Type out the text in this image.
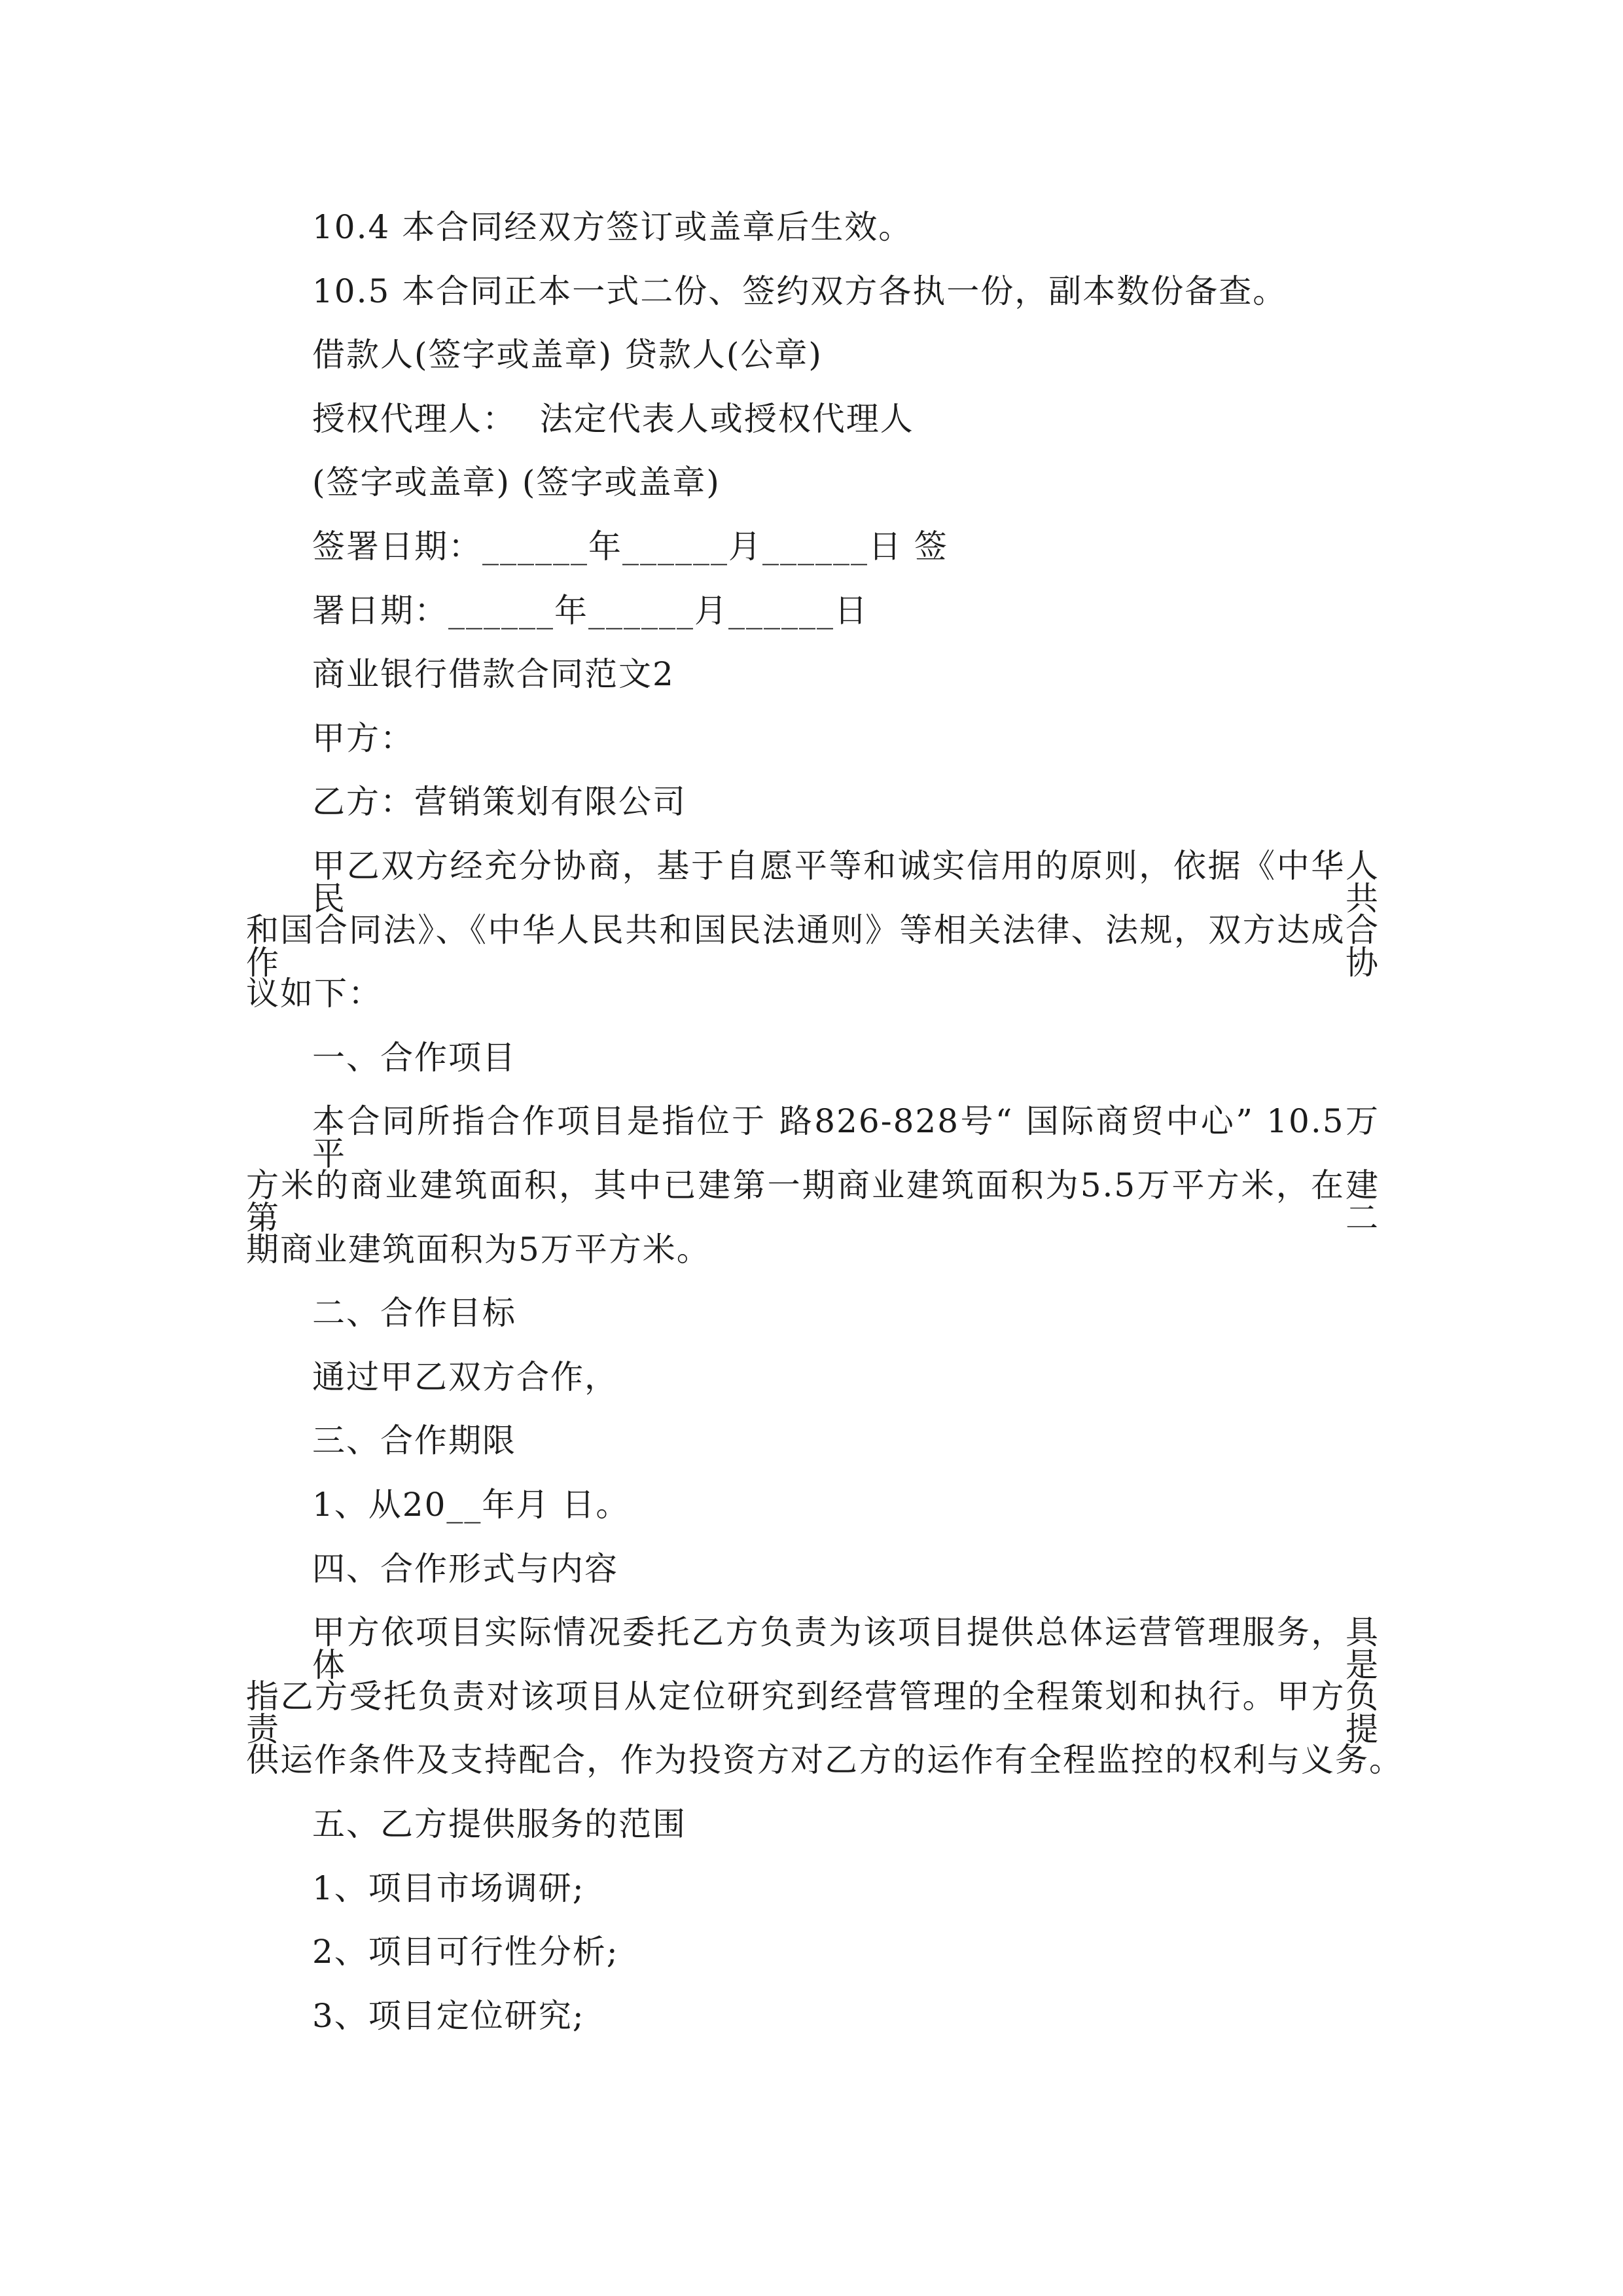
10.4 本合同经双方签订或盖章后生效。
10.5 本合同正本一式二份、签约双方各执一份，副本数份备查。
借款人(签字或盖章) 贷款人(公章)
授权代理人：  法定代表人或授权代理人
(签字或盖章) (签字或盖章)
签署日期：______年______月______日 签
署日期：______年______月______日
商业银行借款合同范文2
甲方：
乙方：营销策划有限公司
甲乙双方经充分协商，基于自愿平等和诚实信用的原则，依据《中华人民共
和国合同法》、《中华人民共和国民法通则》等相关法律、法规，双方达成合作协
议如下：
一、合作项目
本合同所指合作项目是指位于 路826-828号“ 国际商贸中心” 10.5万平
方米的商业建筑面积，其中已建第一期商业建筑面积为5.5万平方米，在建第二
期商业建筑面积为5万平方米。
二、合作目标
通过甲乙双方合作，
三、合作期限
1、从20__年月 日。
四、合作形式与内容
甲方依项目实际情况委托乙方负责为该项目提供总体运营管理服务，具体是
指乙方受托负责对该项目从定位研究到经营管理的全程策划和执行。甲方负责提
供运作条件及支持配合，作为投资方对乙方的运作有全程监控的权利与义务。
五、乙方提供服务的范围
1、项目市场调研;
2、项目可行性分析;
3、项目定位研究;
